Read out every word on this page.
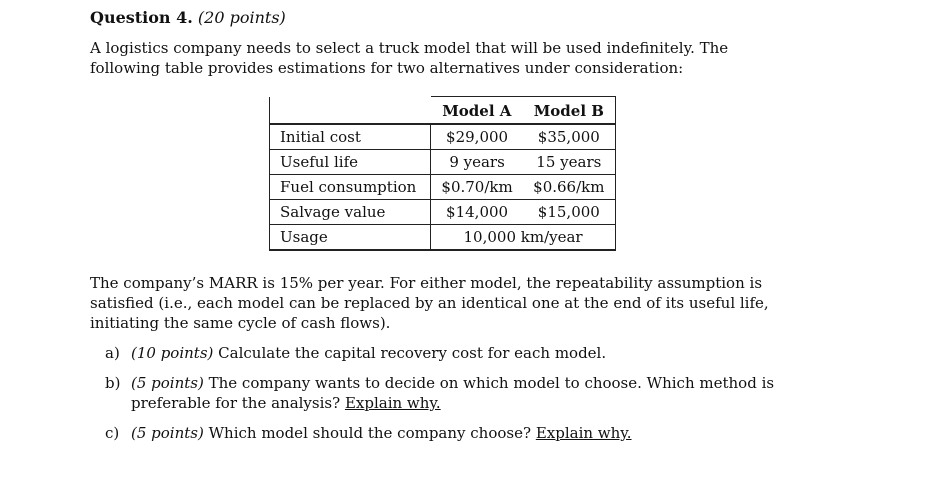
Question 4. (20 points)
A logistics company needs to select a truck model that will be used indefinitely. The following table provides estimations for two alternatives under consideration:
	Model A	Model B
Initial cost	$29,000	$35,000
Useful life	9 years	15 years
Fuel consumption	$0.70/km	$0.66/km
Salvage value	$14,000	$15,000
Usage	10,000 km/year	
The company’s MARR is 15% per year. For either model, the repeatability assumption is satisfied (i.e., each model can be replaced by an identical one at the end of its useful life, initiating the same cycle of cash flows).
a) (10 points) Calculate the capital recovery cost for each model.
b) (5 points) The company wants to decide on which model to choose. Which method is preferable for the analysis? Explain why.
c) (5 points) Which model should the company choose? Explain why.
